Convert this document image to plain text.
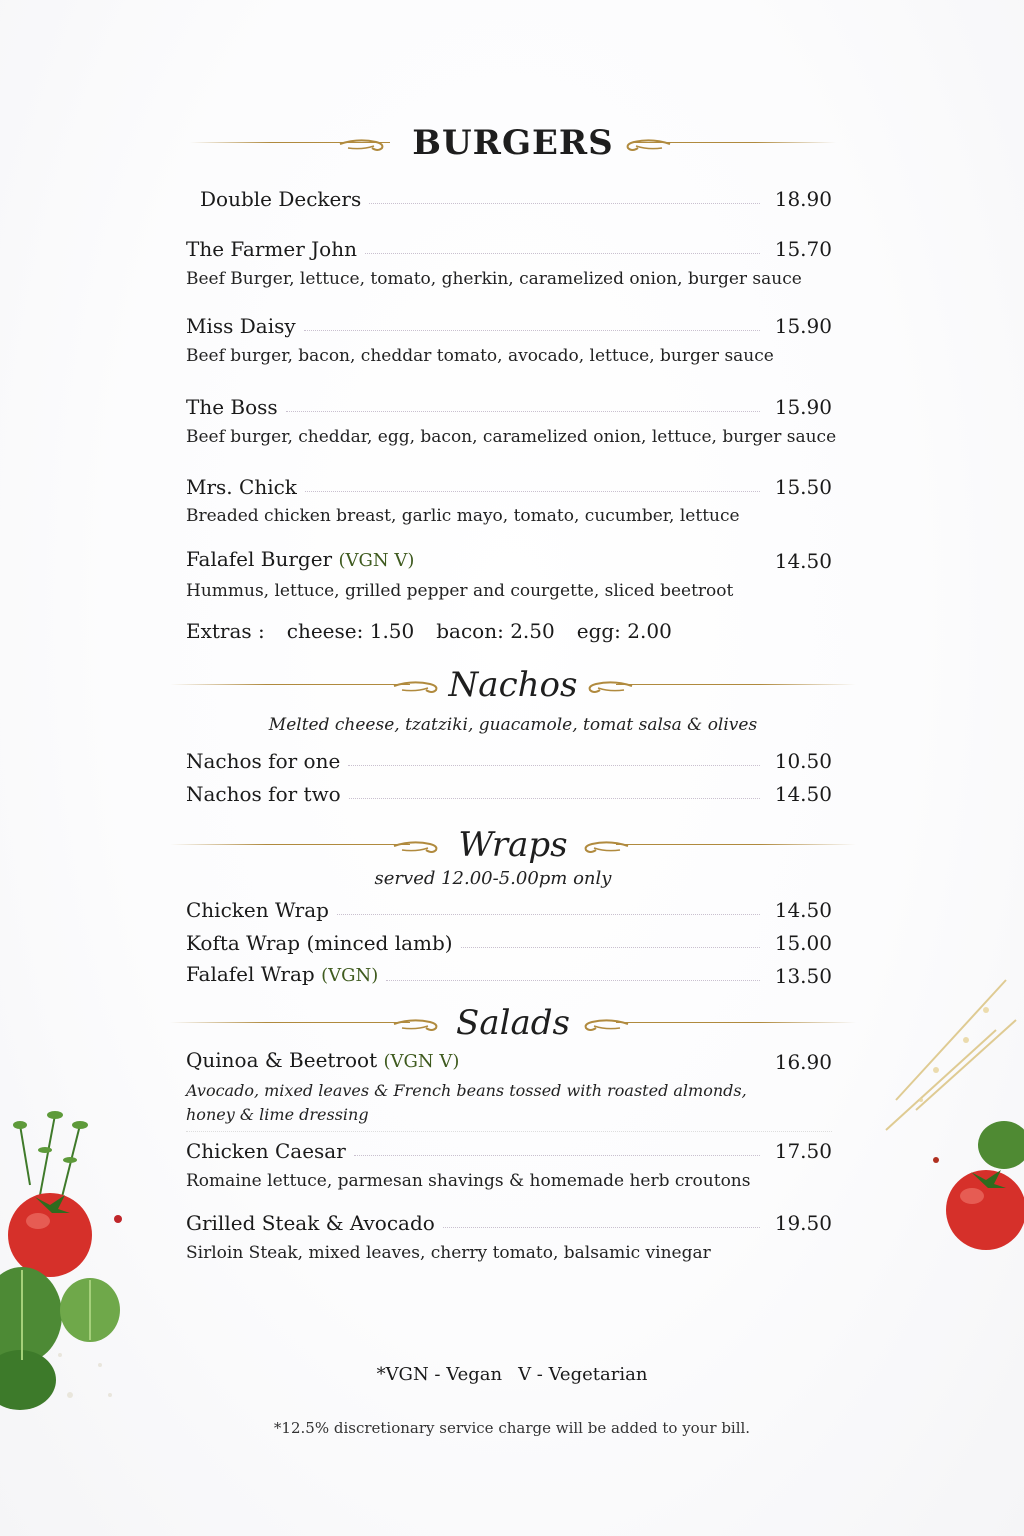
BURGERS
Double Deckers	18.90
The Farmer John	15.70
Beef Burger, lettuce, tomato, gherkin, caramelized onion, burger sauce
Miss Daisy	15.90
Beef burger, bacon, cheddar tomato, avocado, lettuce, burger sauce
The Boss	15.90
Beef burger, cheddar, egg, bacon, caramelized onion, lettuce, burger sauce
Mrs. Chick	15.50
Breaded chicken breast, garlic mayo, tomato, cucumber, lettuce
Falafel Burger (VGN V)	14.50
Hummus, lettuce, grilled pepper and courgette, sliced beetroot
Extras : cheese: 1.50 bacon: 2.50 egg: 2.00
Nachos
Melted cheese, tzatziki, guacamole, tomat salsa & olives
Nachos for one	10.50
Nachos for two	14.50
Wraps
served 12.00-5.00pm only
Chicken Wrap	14.50
Kofta Wrap (minced lamb)	15.00
Falafel Wrap (VGN)	13.50
Salads
Quinoa & Beetroot (VGN V)	16.90
Avocado, mixed leaves & French beans tossed with roasted almonds, honey & lime dressing
Chicken Caesar	17.50
Romaine lettuce, parmesan shavings & homemade herb croutons
Grilled Steak & Avocado	19.50
Sirloin Steak, mixed leaves, cherry tomato, balsamic vinegar
*VGN - Vegan V - Vegetarian
*12.5% discretionary service charge will be added to your bill.
